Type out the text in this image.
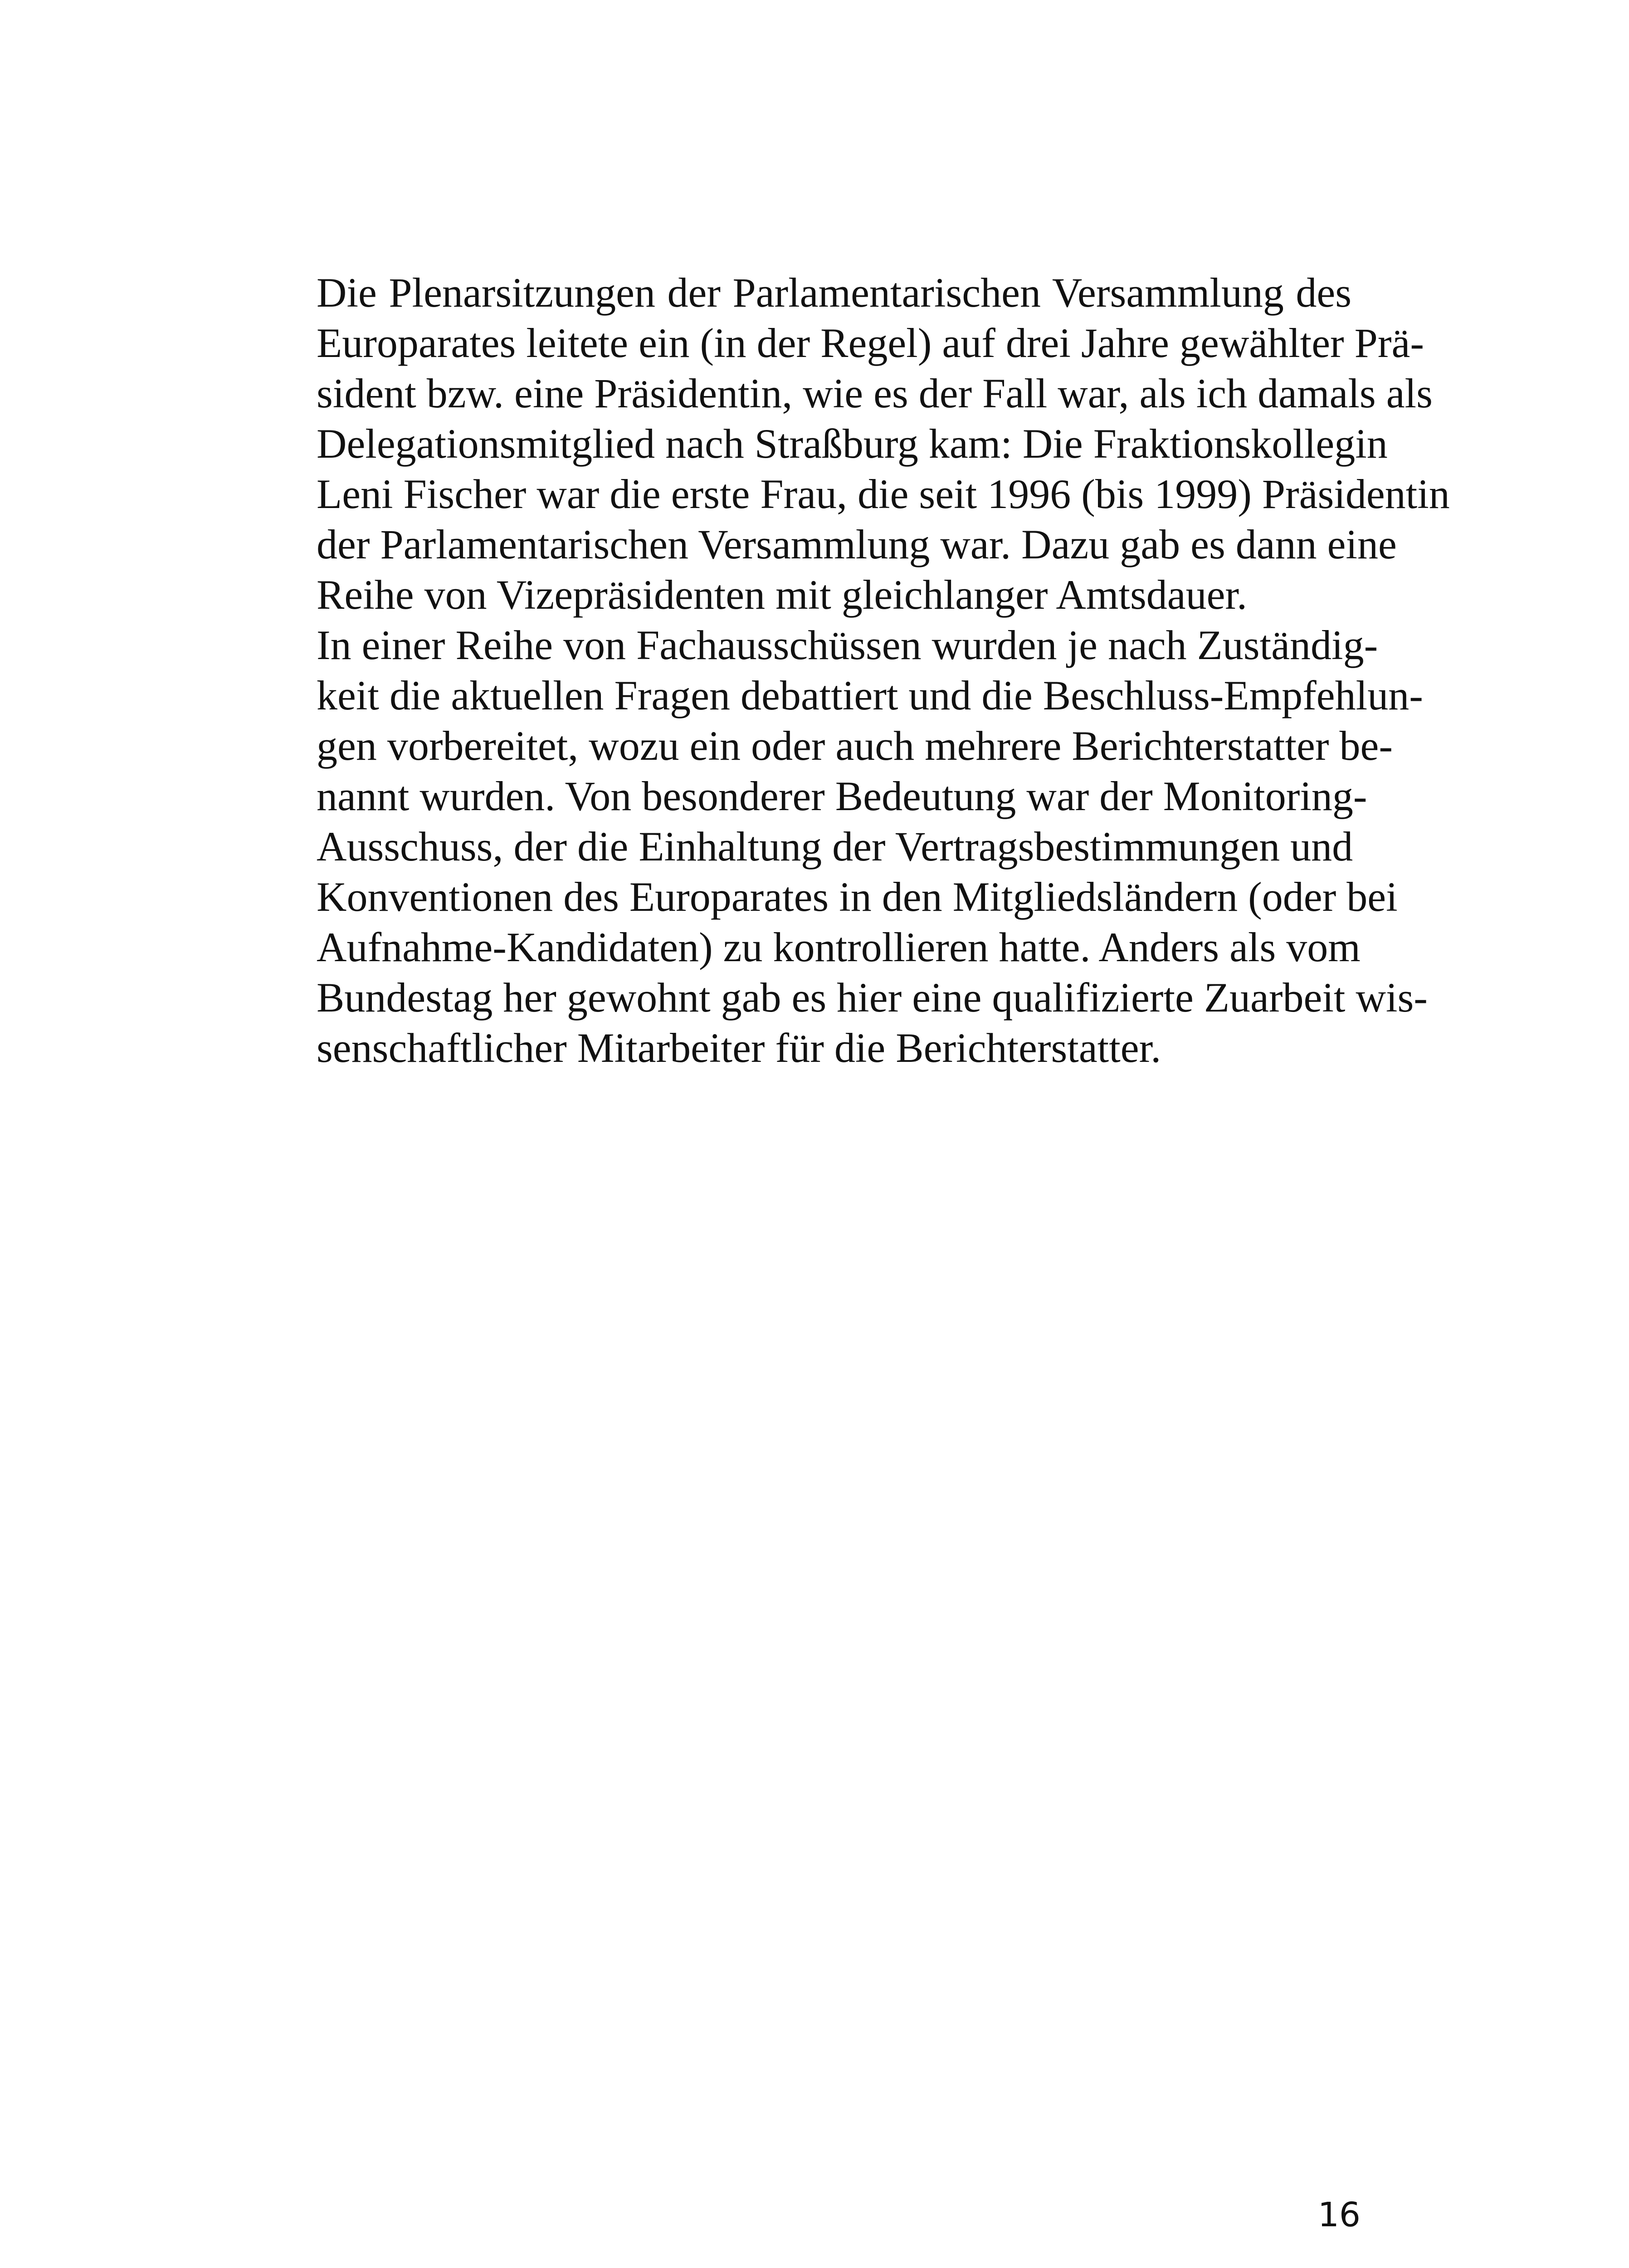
Die Plenarsitzungen der Parlamentarischen Versammlung des
Europarates leitete ein (in der Regel) auf drei Jahre gewählter Prä-
sident bzw. eine Präsidentin, wie es der Fall war, als ich damals als
Delegationsmitglied nach Straßburg kam: Die Fraktionskollegin
Leni Fischer war die erste Frau, die seit 1996 (bis 1999) Präsidentin
der Parlamentarischen Versammlung war. Dazu gab es dann eine
Reihe von Vizepräsidenten mit gleichlanger Amtsdauer.

In einer Reihe von Fachausschüssen wurden je nach Zuständig-
keit die aktuellen Fragen debattiert und die Beschluss-Empfehlun-
gen vorbereitet, wozu ein oder auch mehrere Berichterstatter be-
nannt wurden. Von besonderer Bedeutung war der Monitoring-
Ausschuss, der die Einhaltung der Vertragsbestimmungen und
Konventionen des Europarates in den Mitgliedsländern (oder bei
Aufnahme-Kandidaten) zu kontrollieren hatte. Anders als vom
Bundestag her gewohnt gab es hier eine qualifizierte Zuarbeit wis-
senschaftlicher Mitarbeiter für die Berichterstatter.

16
